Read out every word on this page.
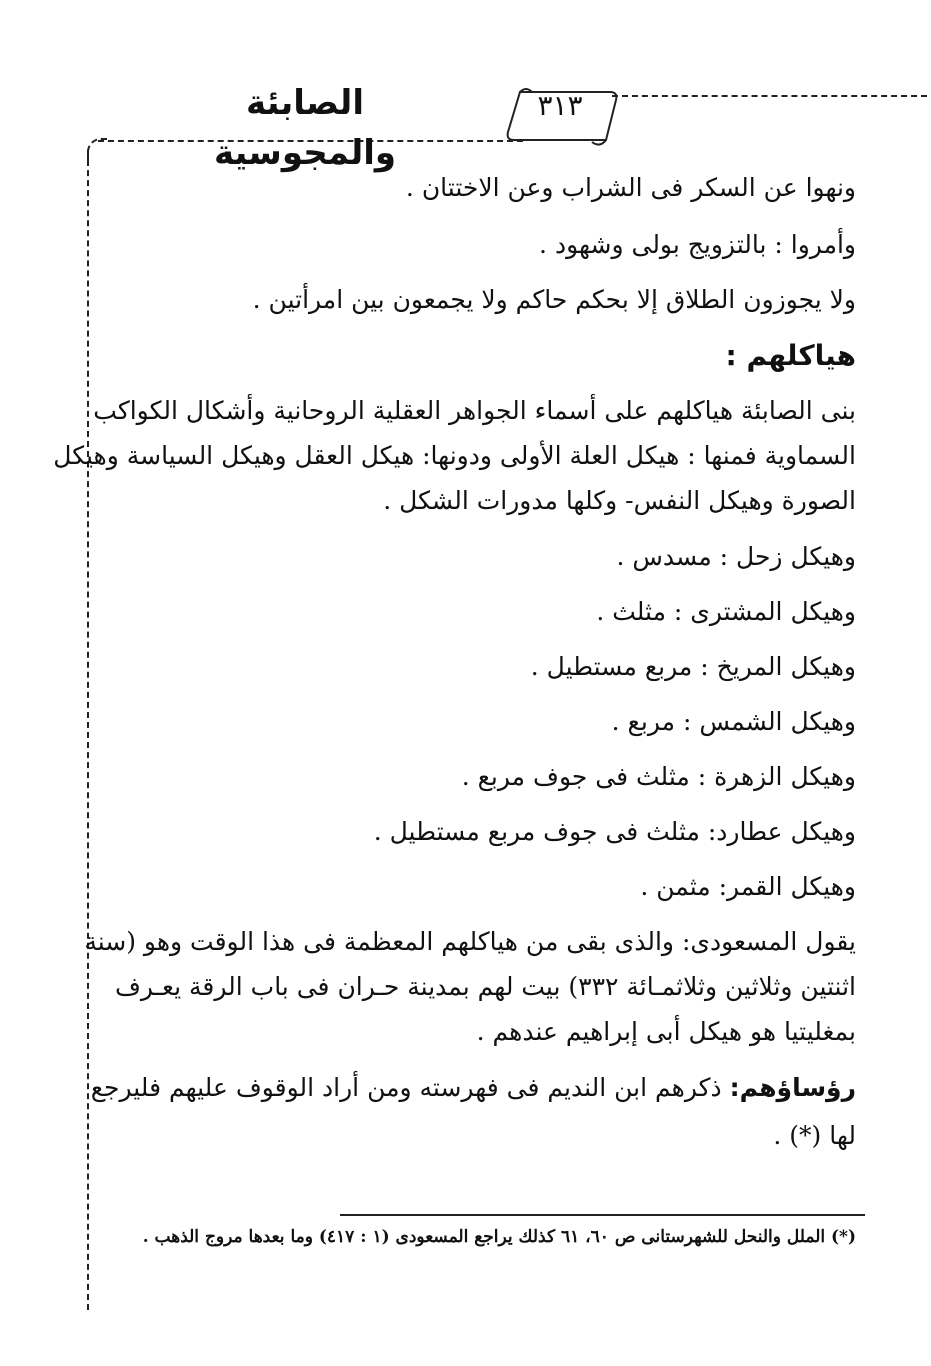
الصابئة والمجوسية
٣١٣
ونهوا عن السكر فى الشراب وعن الاختتان .
وأمروا : بالتزويج بولى وشهود .
ولا يجوزون الطلاق إلا بحكم حاكم ولا يجمعون بين امرأتين .
هياكلهم :
بنى الصابئة هياكلهم على أسماء الجواهر العقلية الروحانية وأشكال الكواكب
السماوية فمنها : هيكل العلة الأولى ودونها: هيكل العقل وهيكل السياسة وهيكل
الصورة وهيكل النفس- وكلها مدورات الشكل .
وهيكل زحل : مسدس .
وهيكل المشترى : مثلث .
وهيكل المريخ : مربع مستطيل .
وهيكل الشمس : مربع .
وهيكل الزهرة : مثلث فى جوف مربع .
وهيكل عطارد: مثلث فى جوف مربع مستطيل .
وهيكل القمر: مثمن .
يقول المسعودى: والذى بقى من هياكلهم المعظمة فى هذا الوقت وهو (سنة
اثنتين وثلاثين وثلاثمـائة ٣٣٢) بيت لهم بمدينة حـران فى باب الرقة يعـرف
بمغليتيا هو هيكل أبى إبراهيم عندهم .
رؤساؤهم: ذكرهم ابن النديم فى فهرسته ومن أراد الوقوف عليهم فليرجع
لها (*) .
(*) الملل والنحل للشهرستانى ص ٦٠، ٦١ كذلك يراجع المسعودى (١ : ٤١٧) وما بعدها مروج الذهب .
